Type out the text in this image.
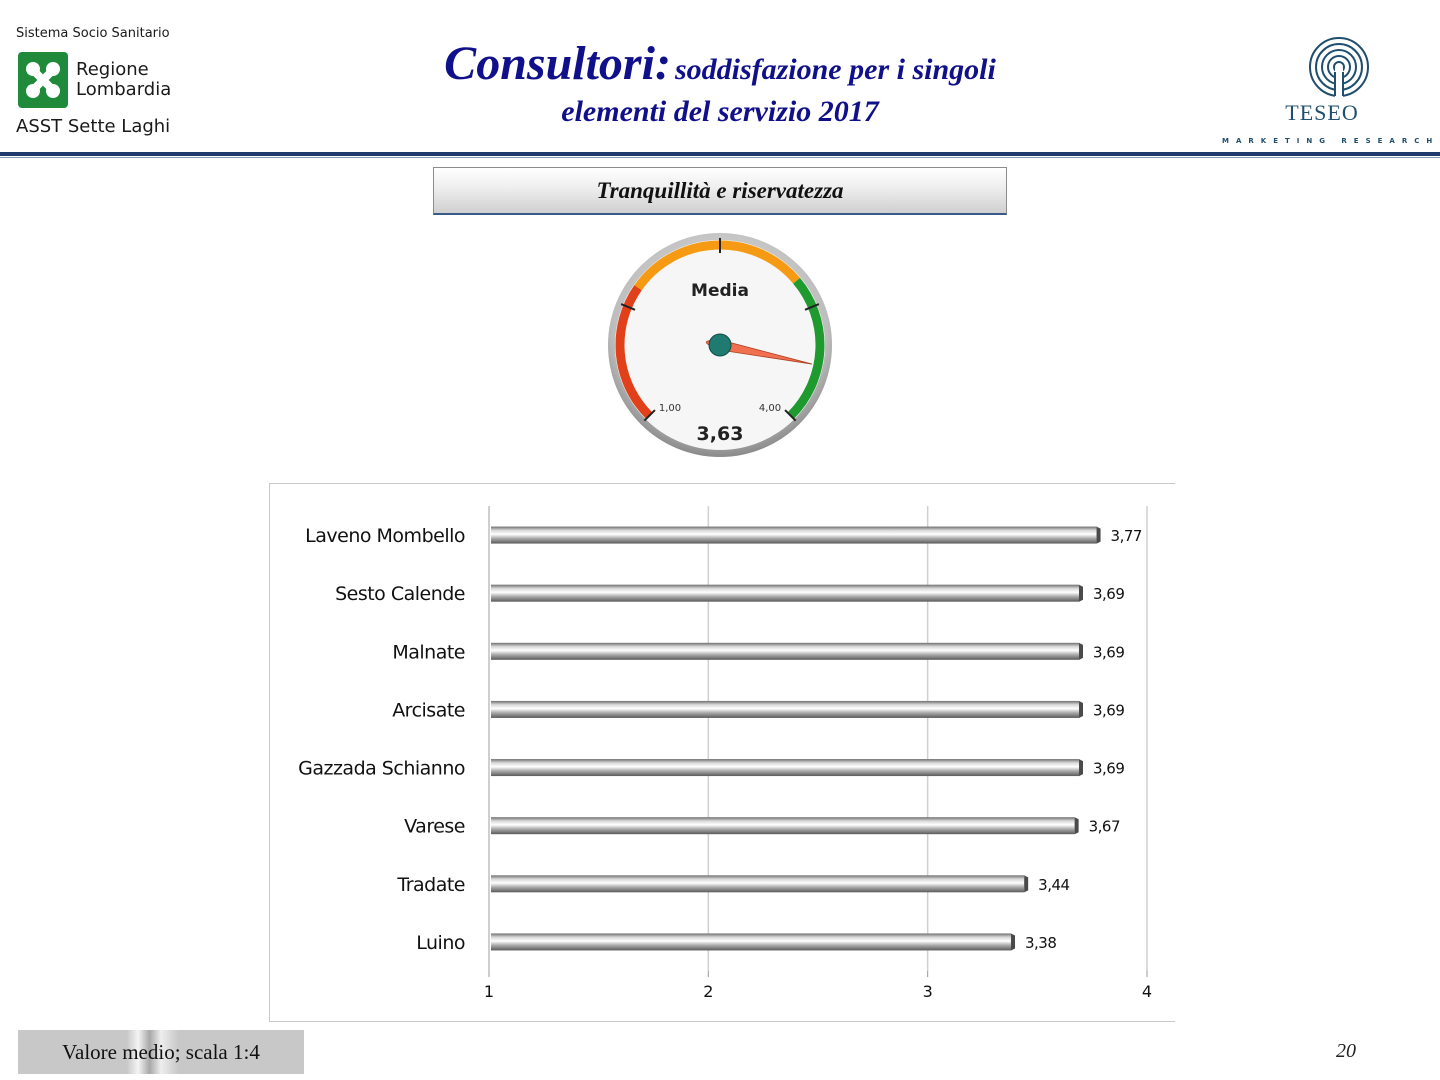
Sistema Socio Sanitario
Regione
Lombardia
ASST Sette Laghi
Consultori: soddisfazione per i singoli
elementi del servizio 2017	TESEO
MARKETING RESEARCH
Tranquillità e riservatezza
Media
1,00	4,00
3,63
1	2	3	4
Laveno Mombello	3,77
Sesto Calende	3,69
Malnate	3,69
Arcisate	3,69
Gazzada Schianno	3,69
Varese	3,67
Tradate	3,44
Luino	3,38
Valore medio; scala 1:4	20
